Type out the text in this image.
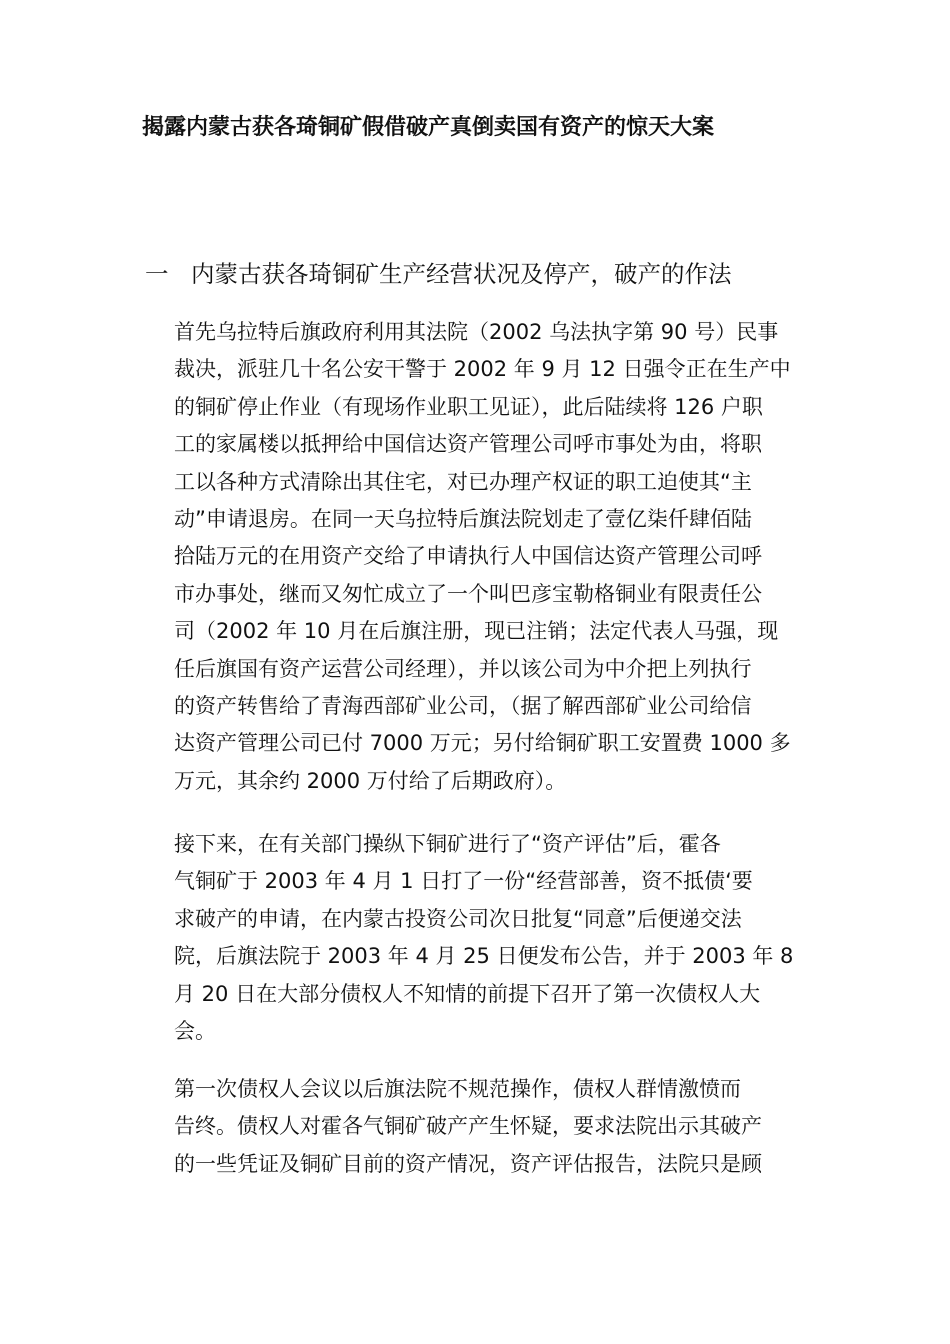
揭露内蒙古获各琦铜矿假借破产真倒卖国有资产的惊天大案
一 内蒙古获各琦铜矿生产经营状况及停产，破产的作法
首先乌拉特后旗政府利用其法院（2002 乌法执字第 90 号）民事
裁决，派驻几十名公安干警于 2002 年 9 月 12 日强令正在生产中
的铜矿停止作业（有现场作业职工见证），此后陆续将 126 户职
工的家属楼以抵押给中国信达资产管理公司呼市事处为由，将职
工以各种方式清除出其住宅，对已办理产权证的职工迫使其“主
动”申请退房。在同一天乌拉特后旗法院划走了壹亿柒仟肆佰陆
拾陆万元的在用资产交给了申请执行人中国信达资产管理公司呼
市办事处，继而又匆忙成立了一个叫巴彦宝勒格铜业有限责任公
司（2002 年 10 月在后旗注册，现已注销；法定代表人马强，现
任后旗国有资产运营公司经理），并以该公司为中介把上列执行
的资产转售给了青海西部矿业公司，（据了解西部矿业公司给信
达资产管理公司已付 7000 万元；另付给铜矿职工安置费 1000 多
万元，其余约 2000 万付给了后期政府）。
接下来，在有关部门操纵下铜矿进行了“资产评估”后，霍各
气铜矿于 2003 年 4 月 1 日打了一份“经营部善，资不抵债‘要
求破产的申请，在内蒙古投资公司次日批复“同意”后便递交法
院，后旗法院于 2003 年 4 月 25 日便发布公告，并于 2003 年 8
月 20 日在大部分债权人不知情的前提下召开了第一次债权人大
会。
第一次债权人会议以后旗法院不规范操作，债权人群情激愤而
告终。债权人对霍各气铜矿破产产生怀疑，要求法院出示其破产
的一些凭证及铜矿目前的资产情况，资产评估报告，法院只是顾
